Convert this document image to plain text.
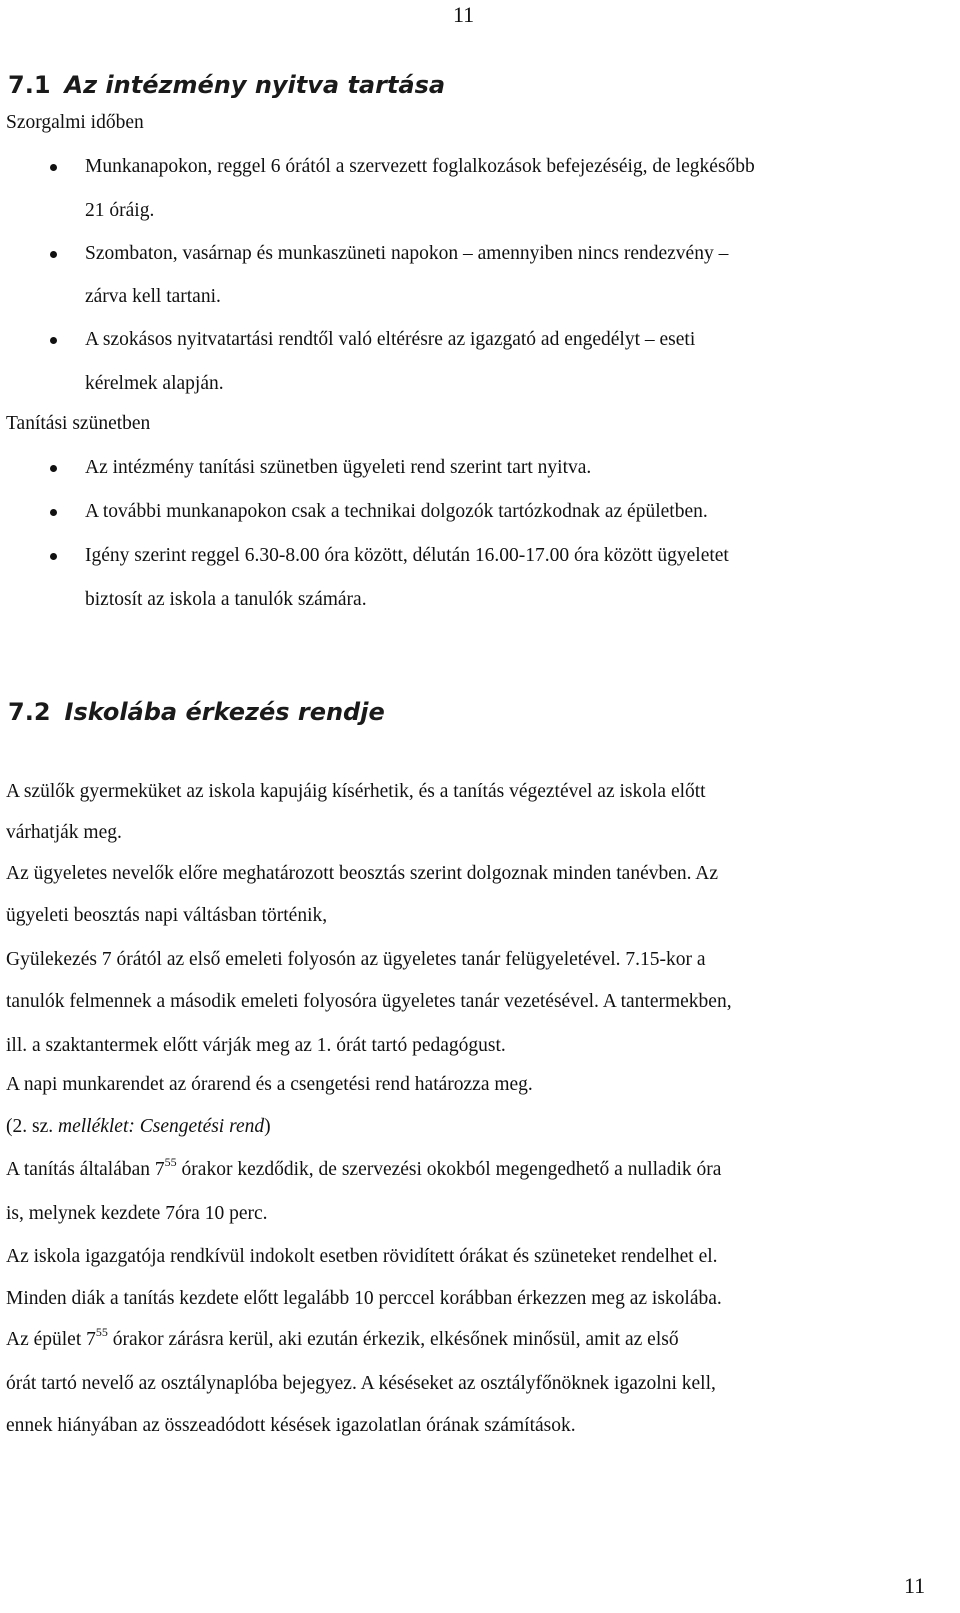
11
7.1 Az intézmény nyitva tartása
Szorgalmi időben
Munkanapokon, reggel 6 órától a szervezett foglalkozások befejezéséig, de legkésőbb
21 óráig.
Szombaton, vasárnap és munkaszüneti napokon – amennyiben nincs rendezvény –
zárva kell tartani.
A szokásos nyitvatartási rendtől való eltérésre az igazgató ad engedélyt – eseti
kérelmek alapján.
Tanítási szünetben
Az intézmény tanítási szünetben ügyeleti rend szerint tart nyitva.
A további munkanapokon csak a technikai dolgozók tartózkodnak az épületben.
Igény szerint reggel 6.30-8.00 óra között, délután 16.00-17.00 óra között ügyeletet
biztosít az iskola a tanulók számára.
7.2 Iskolába érkezés rendje
A szülők gyermeküket az iskola kapujáig kísérhetik, és a tanítás végeztével az iskola előtt
várhatják meg.
Az ügyeletes nevelők előre meghatározott beosztás szerint dolgoznak minden tanévben. Az
ügyeleti beosztás napi váltásban történik,
Gyülekezés 7 órától az első emeleti folyosón az ügyeletes tanár felügyeletével. 7.15-kor a
tanulók felmennek a második emeleti folyosóra ügyeletes tanár vezetésével. A tantermekben,
ill. a szaktantermek előtt várják meg az 1. órát tartó pedagógust.
A napi munkarendet az órarend és a csengetési rend határozza meg.
(2. sz. melléklet: Csengetési rend)
A tanítás általában $7^{55}$ órakor kezdődik, de szervezési okokból megengedhető a nulladik óra
is, melynek kezdete 7óra 10 perc.
Az iskola igazgatója rendkívül indokolt esetben rövidített órákat és szüneteket rendelhet el.
Minden diák a tanítás kezdete előtt legalább 10 perccel korábban érkezzen meg az iskolába.
Az épület $7^{55}$ órakor zárásra kerül, aki ezután érkezik, elkésőnek minősül, amit az első
órát tartó nevelő az osztálynaplóba bejegyez. A késéseket az osztályfőnöknek igazolni kell,
ennek hiányában az összeadódott késések igazolatlan órának számítások.
11
